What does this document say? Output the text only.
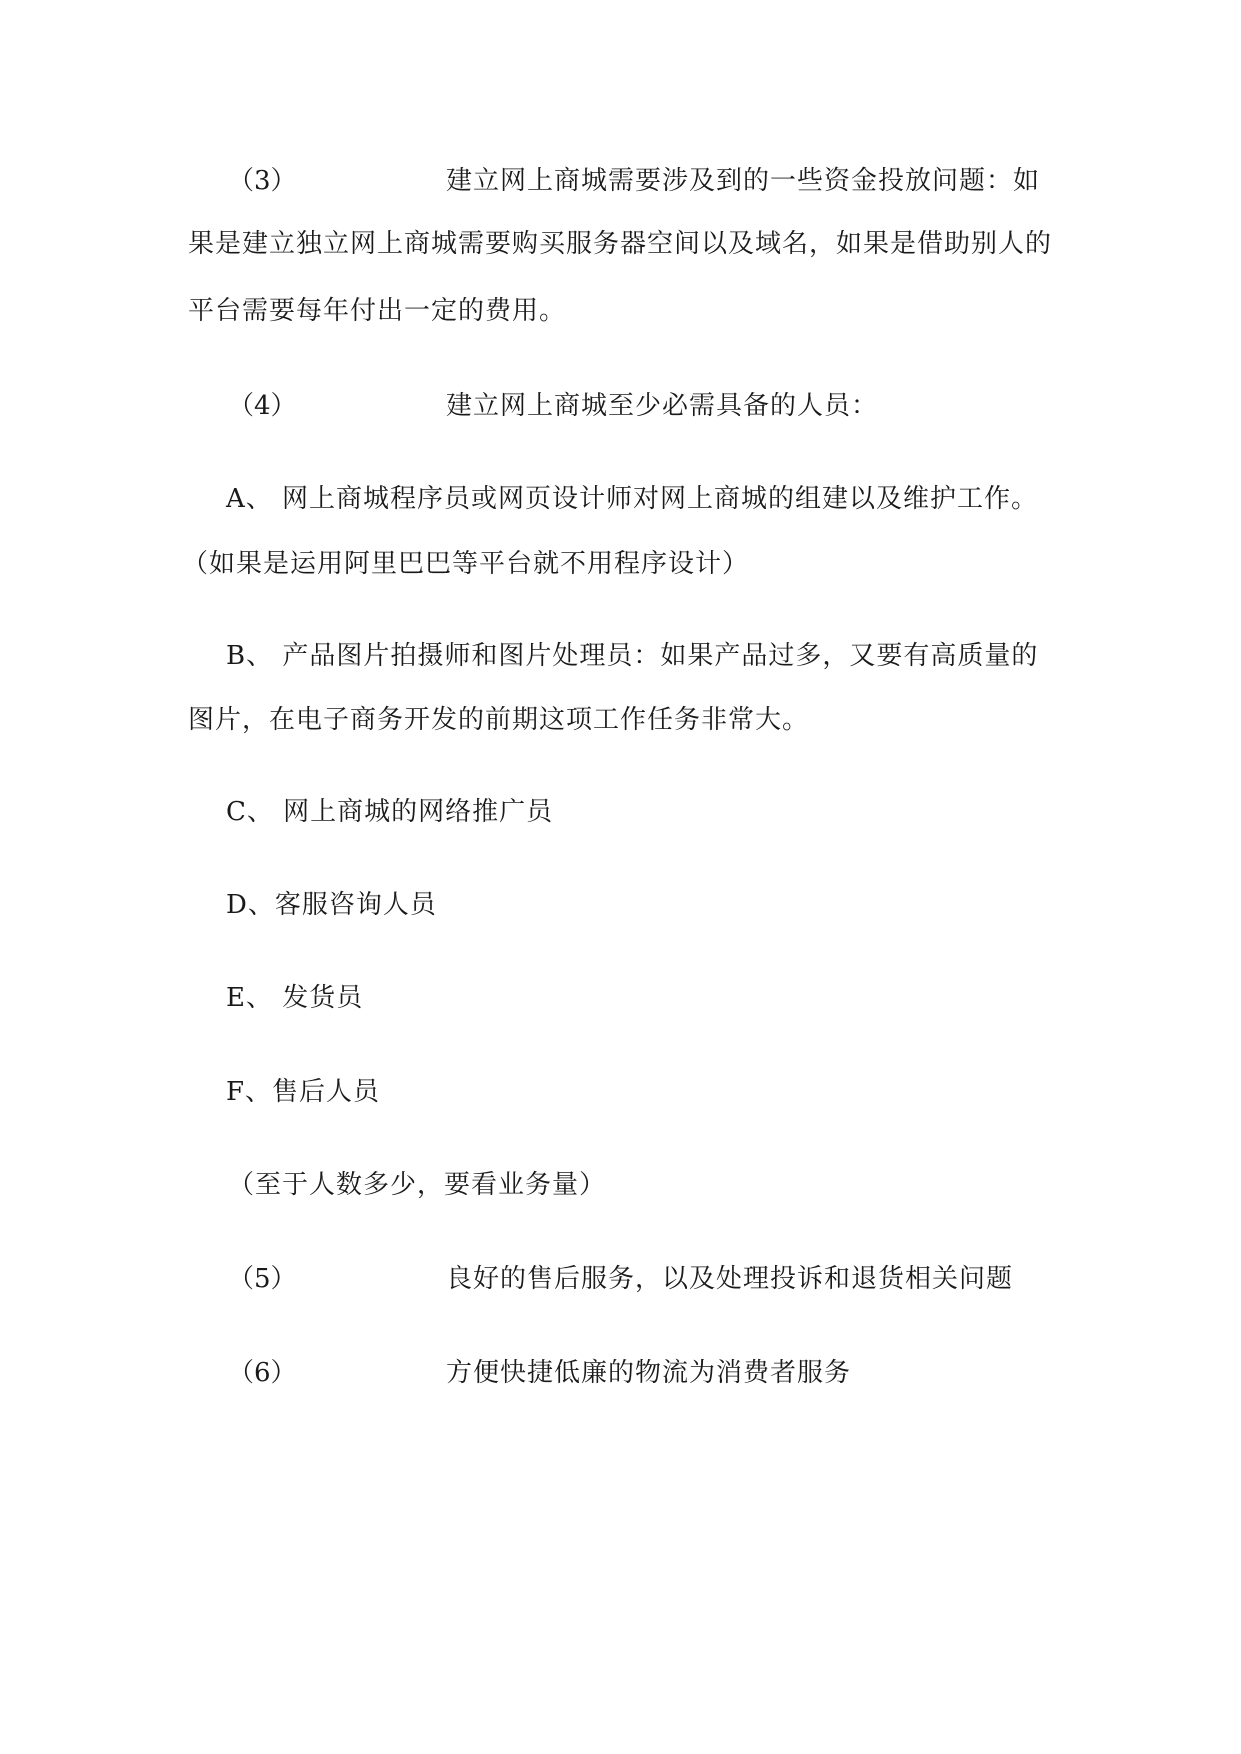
（3）	建立网上商城需要涉及到的一些资金投放问题：如
果是建立独立网上商城需要购买服务器空间以及域名，如果是借助别人的
平台需要每年付出一定的费用。
（4）	建立网上商城至少必需具备的人员：
A、 网上商城程序员或网页设计师对网上商城的组建以及维护工作。
（如果是运用阿里巴巴等平台就不用程序设计）
B、 产品图片拍摄师和图片处理员：如果产品过多，又要有高质量的
图片，在电子商务开发的前期这项工作任务非常大。
C、 网上商城的网络推广员
D、客服咨询人员
E、 发货员
F、售后人员
（至于人数多少，要看业务量）
（5）	良好的售后服务，以及处理投诉和退货相关问题
（6）	方便快捷低廉的物流为消费者服务
